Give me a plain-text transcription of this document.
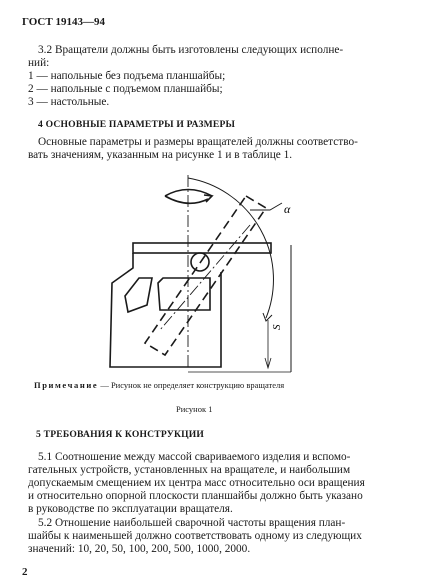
ГОСТ 19143—94

3.2 Вращатели должны быть изготовлены следующих исполне-

ний:

1 — напольные без подъема планшайбы;

2 — напольные с подъемом планшайбы;

3 — настольные.

4 ОСНОВНЫЕ ПАРАМЕТРЫ И РАЗМЕРЫ

Основные параметры и размеры вращателей должны соответство-

вать значениям, указанным на рисунке 1 и в таблице 1.

α
S

Примечание — Рисунок не определяет конструкцию вращателя

Рисунок 1

5 ТРЕБОВАНИЯ К КОНСТРУКЦИИ

5.1 Соотношение между массой свариваемого изделия и вспомо-

гательных устройств, установленных на вращателе, и наибольшим

допускаемым смещением их центра масс относительно оси вращения

и относительно опорной плоскости планшайбы должно быть указано

в руководстве по эксплуатации вращателя.

5.2 Отношение наибольшей сварочной частоты вращения план-

шайбы к наименьшей должно соответствовать одному из следующих

значений: 10, 20, 50, 100, 200, 500, 1000, 2000.

2
